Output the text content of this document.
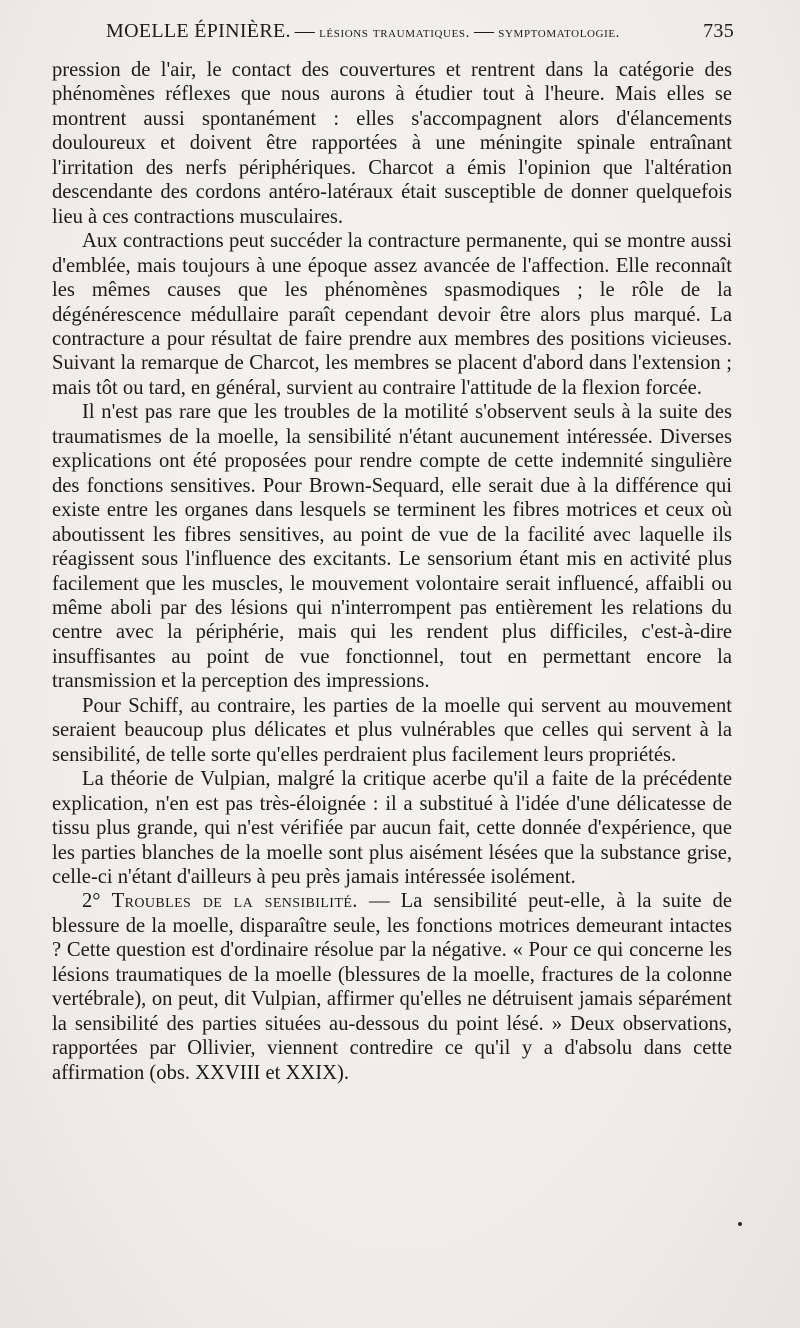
MOELLE ÉPINIÈRE. — lésions traumatiques. — symptomatologie.	735

pression de l'air, le contact des couvertures et rentrent dans la catégorie des phénomènes réflexes que nous aurons à étudier tout à l'heure. Mais elles se montrent aussi spontanément : elles s'accompagnent alors d'élancements douloureux et doivent être rapportées à une méningite spinale entraînant l'irritation des nerfs périphériques. Charcot a émis l'opinion que l'altération descendante des cordons antéro-latéraux était susceptible de donner quelquefois lieu à ces contractions musculaires.

Aux contractions peut succéder la contracture permanente, qui se montre aussi d'emblée, mais toujours à une époque assez avancée de l'affection. Elle reconnaît les mêmes causes que les phénomènes spasmodiques ; le rôle de la dégénérescence médullaire paraît cependant devoir être alors plus marqué. La contracture a pour résultat de faire prendre aux membres des positions vicieuses. Suivant la remarque de Charcot, les membres se placent d'abord dans l'extension ; mais tôt ou tard, en général, survient au contraire l'attitude de la flexion forcée.

Il n'est pas rare que les troubles de la motilité s'observent seuls à la suite des traumatismes de la moelle, la sensibilité n'étant aucunement intéressée. Diverses explications ont été proposées pour rendre compte de cette indemnité singulière des fonctions sensitives. Pour Brown-Sequard, elle serait due à la différence qui existe entre les organes dans lesquels se terminent les fibres motrices et ceux où aboutissent les fibres sensitives, au point de vue de la facilité avec laquelle ils réagissent sous l'influence des excitants. Le sensorium étant mis en activité plus facilement que les muscles, le mouvement volontaire serait influencé, affaibli ou même aboli par des lésions qui n'interrompent pas entièrement les relations du centre avec la périphérie, mais qui les rendent plus difficiles, c'est-à-dire insuffisantes au point de vue fonctionnel, tout en permettant encore la transmission et la perception des impressions.

Pour Schiff, au contraire, les parties de la moelle qui servent au mouvement seraient beaucoup plus délicates et plus vulnérables que celles qui servent à la sensibilité, de telle sorte qu'elles perdraient plus facilement leurs propriétés.

La théorie de Vulpian, malgré la critique acerbe qu'il a faite de la précédente explication, n'en est pas très-éloignée : il a substitué à l'idée d'une délicatesse de tissu plus grande, qui n'est vérifiée par aucun fait, cette donnée d'expérience, que les parties blanches de la moelle sont plus aisément lésées que la substance grise, celle-ci n'étant d'ailleurs à peu près jamais intéressée isolément.

2° Troubles de la sensibilité. — La sensibilité peut-elle, à la suite de blessure de la moelle, disparaître seule, les fonctions motrices demeurant intactes ? Cette question est d'ordinaire résolue par la négative. « Pour ce qui concerne les lésions traumatiques de la moelle (blessures de la moelle, fractures de la colonne vertébrale), on peut, dit Vulpian, affirmer qu'elles ne détruisent jamais séparément la sensibilité des parties situées au-dessous du point lésé. » Deux observations, rapportées par Ollivier, viennent contredire ce qu'il y a d'absolu dans cette affirmation (obs. XXVIII et XXIX).
